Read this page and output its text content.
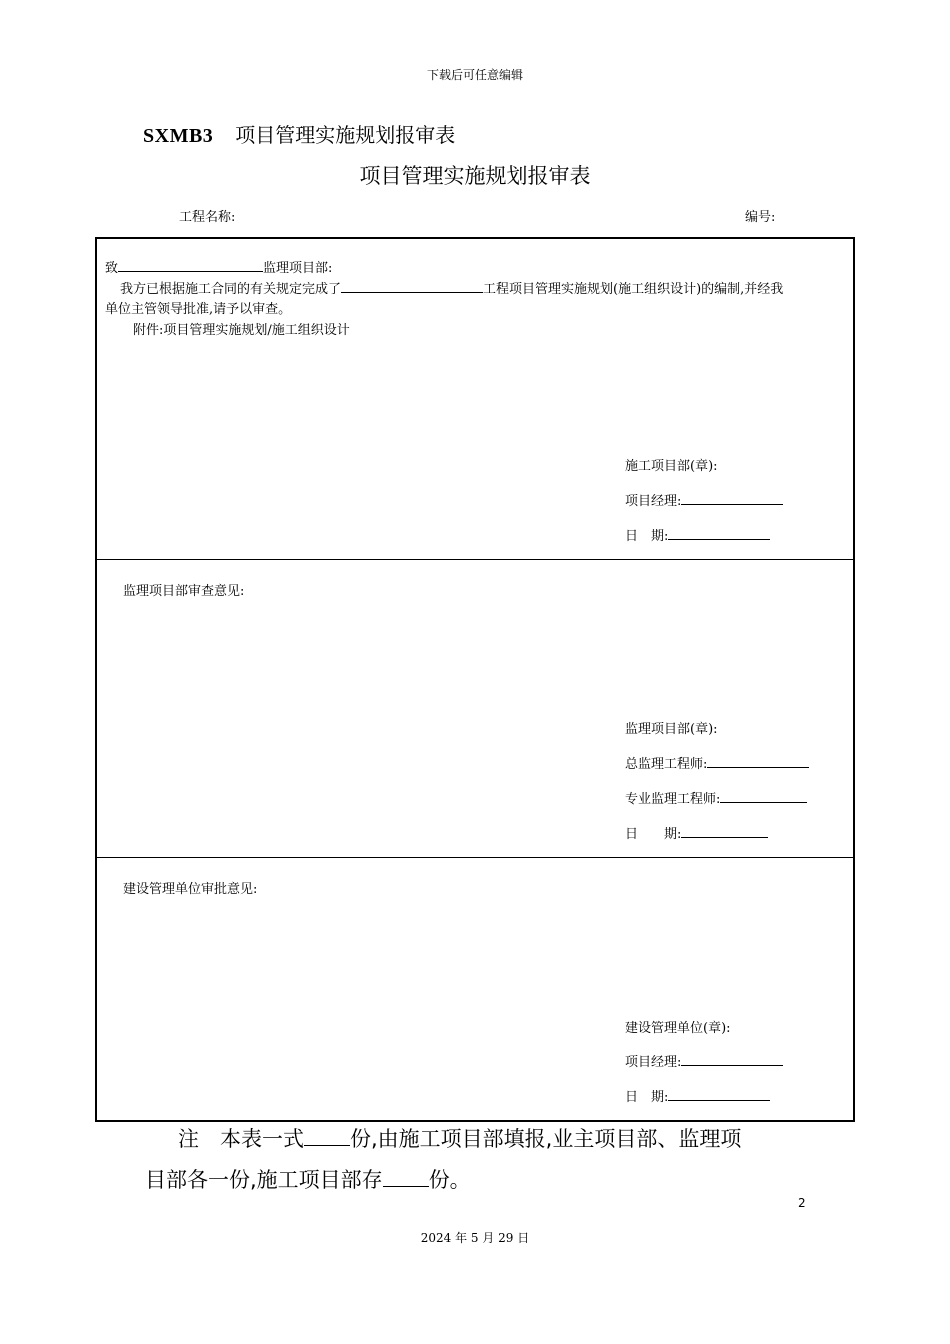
下载后可任意编辑
SXMB3 项目管理实施规划报审表
项目管理实施规划报审表
工程名称:	编号:
致	监理项目部:
我方已根据施工合同的有关规定完成了	工程项目管理实施规划(施工组织设计)的编制,并经我
单位主管领导批准,请予以审查。
附件:项目管理实施规划/施工组织设计
施工项目部(章):
项目经理:
日　期:
监理项目部审查意见:
监理项目部(章):
总监理工程师:
专业监理工程师:
日　　期:
建设管理单位审批意见:
建设管理单位(章):
项目经理:
日　期:
注　本表一式 份,由施工项目部填报,业主项目部、监理项
目部各一份,施工项目部存 份。
2
2024 年 5 月 29 日
